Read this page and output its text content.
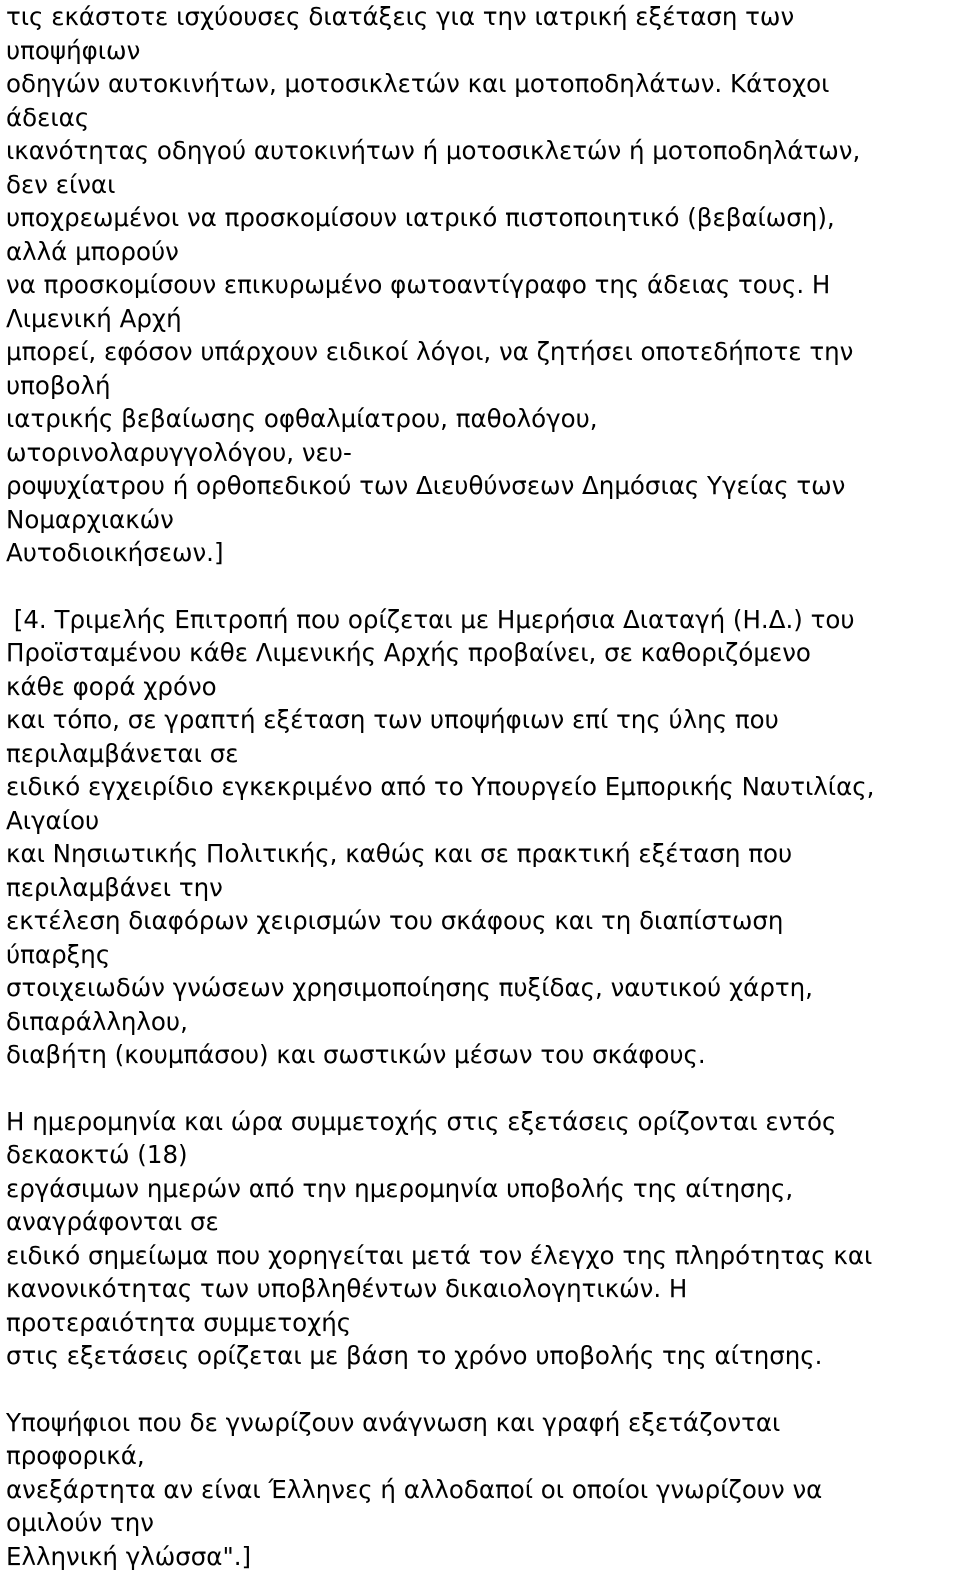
τις εκάστοτε ισχύουσες διατάξεις για την ιατρική εξέταση των
υποψήφιων
οδηγών αυτοκινήτων, μοτοσικλετών και μοτοποδηλάτων. Κάτοχοι
άδειας
ικανότητας οδηγού αυτοκινήτων ή μοτοσικλετών ή μοτοποδηλάτων,
δεν είναι
υποχρεωμένοι να προσκομίσουν ιατρικό πιστοποιητικό (βεβαίωση),
αλλά μπορούν
να προσκομίσουν επικυρωμένο φωτοαντίγραφο της άδειας τους. Η
Λιμενική Αρχή
μπορεί, εφόσον υπάρχουν ειδικοί λόγοι, να ζητήσει οποτεδήποτε την
υποβολή
ιατρικής βεβαίωσης οφθαλμίατρου, παθολόγου,
ωτορινολαρυγγολόγου, νευ-
ροψυχίατρου ή ορθοπεδικού των Διευθύνσεων Δημόσιας Υγείας των
Νομαρχιακών
Αυτοδιοικήσεων.]
[4. Τριμελής Επιτροπή που ορίζεται με Ημερήσια Διαταγή (Η.Δ.) του
Προϊσταμένου κάθε Λιμενικής Αρχής προβαίνει, σε καθοριζόμενο
κάθε φορά χρόνο
και τόπο, σε γραπτή εξέταση των υποψήφιων επί της ύλης που
περιλαμβάνεται σε
ειδικό εγχειρίδιο εγκεκριμένο από το Υπουργείο Εμπορικής Ναυτιλίας,
Αιγαίου
και Νησιωτικής Πολιτικής, καθώς και σε πρακτική εξέταση που
περιλαμβάνει την
εκτέλεση διαφόρων χειρισμών του σκάφους και τη διαπίστωση
ύπαρξης
στοιχειωδών γνώσεων χρησιμοποίησης πυξίδας, ναυτικού χάρτη,
διπαράλληλου,
διαβήτη (κουμπάσου) και σωστικών μέσων του σκάφους.
Η ημερομηνία και ώρα συμμετοχής στις εξετάσεις ορίζονται εντός
δεκαοκτώ (18)
εργάσιμων ημερών από την ημερομηνία υποβολής της αίτησης,
αναγράφονται σε
ειδικό σημείωμα που χορηγείται μετά τον έλεγχο της πληρότητας και
κανονικότητας των υποβληθέντων δικαιολογητικών. Η
προτεραιότητα συμμετοχής
στις εξετάσεις ορίζεται με βάση το χρόνο υποβολής της αίτησης.
Υποψήφιοι που δε γνωρίζουν ανάγνωση και γραφή εξετάζονται
προφορικά,
ανεξάρτητα αν είναι Έλληνες ή αλλοδαποί οι οποίοι γνωρίζουν να
ομιλούν την
Ελληνική γλώσσα".]
